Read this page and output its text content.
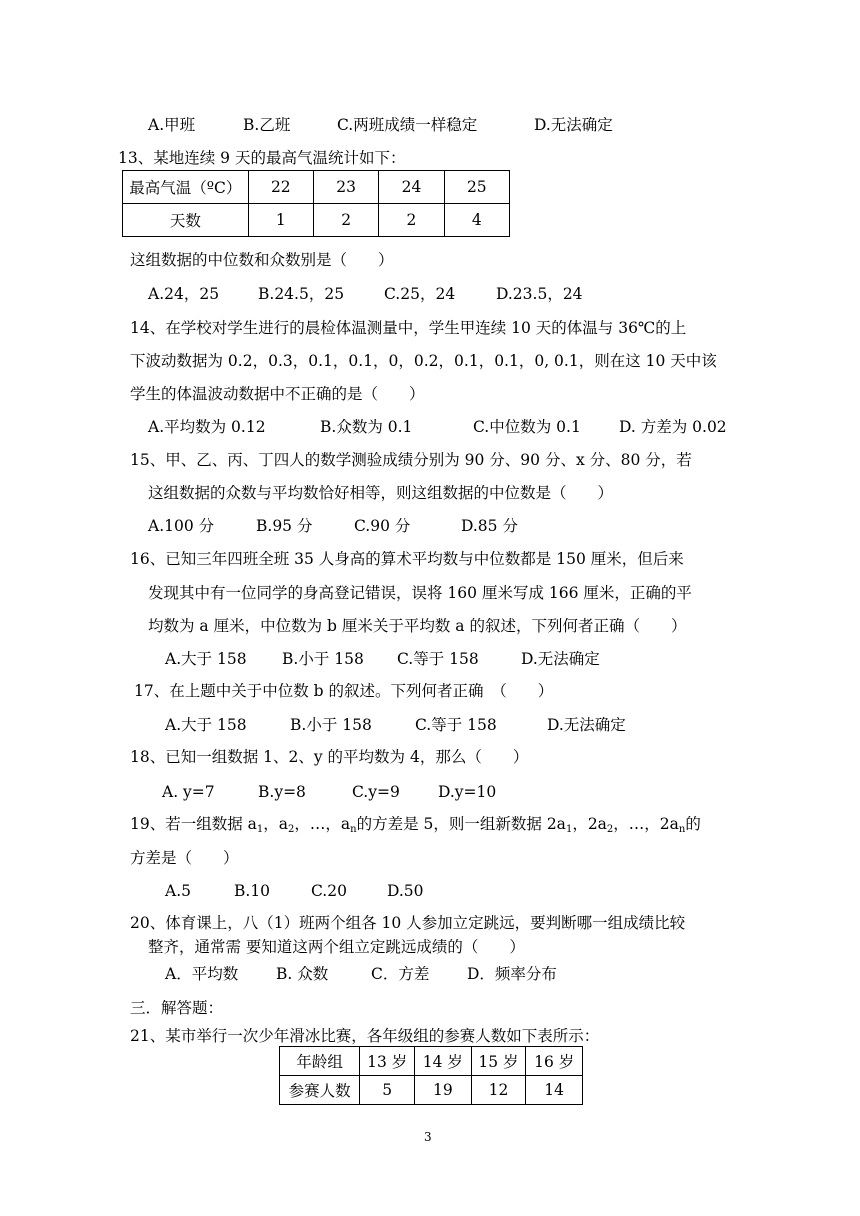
A.甲班	B.乙班	C.两班成绩一样稳定	D.无法确定
13、某地连续 9 天的最高气温统计如下：
最高气温（ºC）	22	23	24	25
天数	1	2	2	4
这组数据的中位数和众数别是（　　）
A.24，25	B.24.5，25	C.25，24	D.23.5，24
14、在学校对学生进行的晨检体温测量中，学生甲连续 10 天的体温与 36℃的上
下波动数据为 0.2，0.3，0.1，0.1，0，0.2，0.1，0.1，0, 0.1，则在这 10 天中该
学生的体温波动数据中不正确的是（　　）
A.平均数为 0.12	B.众数为 0.1	C.中位数为 0.1 D. 方差为 0.02
15、甲、乙、丙、丁四人的数学测验成绩分别为 90 分、90 分、x 分、80 分，若
这组数据的众数与平均数恰好相等，则这组数据的中位数是（　　）
A.100 分	B.95 分	C.90 分	D.85 分
16、已知三年四班全班 35 人身高的算术平均数与中位数都是 150 厘米，但后来
发现其中有一位同学的身高登记错误，误将 160 厘米写成 166 厘米，正确的平
均数为 a 厘米，中位数为 b 厘米关于平均数 a 的叙述，下列何者正确（　　）
A.大于 158 B.小于 158 C.等于 158	D.无法确定
17、在上题中关于中位数 b 的叙述。下列何者正确　（　　）
A.大于 158	B.小于 158	C.等于 158	D.无法确定
18、已知一组数据 1、2、y 的平均数为 4，那么（　　）
A. y=7	B.y=8	C.y=9 D.y=10
19、若一组数据 $a_1$，$a_2$，…，$a_n$的方差是 5，则一组新数据 $2a_1$，$2a_2$，…，$2a_n$的
方差是（　　）
A.5	B.10	C.20	D.50
20、体育课上，八（1）班两个组各 10 人参加立定跳远，要判断哪一组成绩比较
整齐，通常需 要知道这两个组立定跳远成绩的（　　）
A．平均数 B. 众数	C．方差 D．频率分布
三．解答题：
21、某市举行一次少年滑冰比赛，各年级组的参赛人数如下表所示：
年龄组	13 岁	14 岁	15 岁	16 岁
参赛人数	5	19	12	14
3
